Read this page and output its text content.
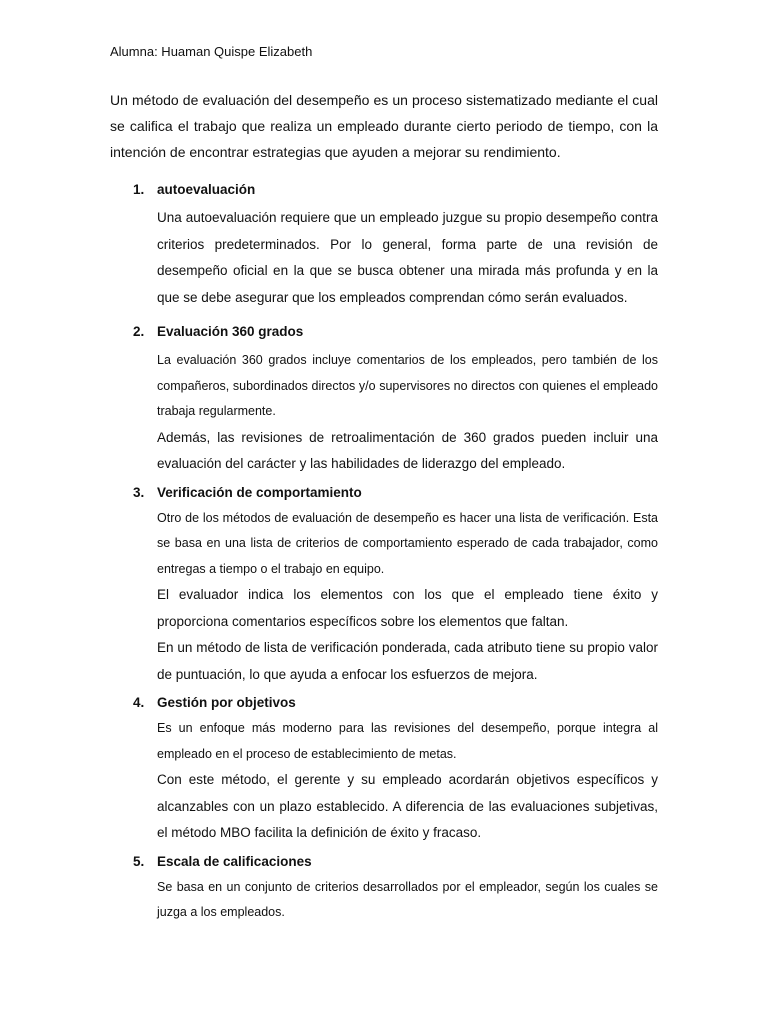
Alumna: Huaman Quispe Elizabeth

Un método de evaluación del desempeño es un proceso sistematizado mediante el cual se califica el trabajo que realiza un empleado durante cierto periodo de tiempo, con la intención de encontrar estrategias que ayuden a mejorar su rendimiento.

1. autoevaluación

Una autoevaluación requiere que un empleado juzgue su propio desempeño contra criterios predeterminados. Por lo general, forma parte de una revisión de desempeño oficial en la que se busca obtener una mirada más profunda y en la que se debe asegurar que los empleados comprendan cómo serán evaluados.

2. Evaluación 360 grados

La evaluación 360 grados incluye comentarios de los empleados, pero también de los compañeros, subordinados directos y/o supervisores no directos con quienes el empleado trabaja regularmente.

Además, las revisiones de retroalimentación de 360 grados pueden incluir una evaluación del carácter y las habilidades de liderazgo del empleado.

3. Verificación de comportamiento

Otro de los métodos de evaluación de desempeño es hacer una lista de verificación. Esta se basa en una lista de criterios de comportamiento esperado de cada trabajador, como entregas a tiempo o el trabajo en equipo.

El evaluador indica los elementos con los que el empleado tiene éxito y proporciona comentarios específicos sobre los elementos que faltan.

En un método de lista de verificación ponderada, cada atributo tiene su propio valor de puntuación, lo que ayuda a enfocar los esfuerzos de mejora.

4. Gestión por objetivos

Es un enfoque más moderno para las revisiones del desempeño, porque integra al empleado en el proceso de establecimiento de metas.

Con este método, el gerente y su empleado acordarán objetivos específicos y alcanzables con un plazo establecido. A diferencia de las evaluaciones subjetivas, el método MBO facilita la definición de éxito y fracaso.

5. Escala de calificaciones

Se basa en un conjunto de criterios desarrollados por el empleador, según los cuales se juzga a los empleados.
